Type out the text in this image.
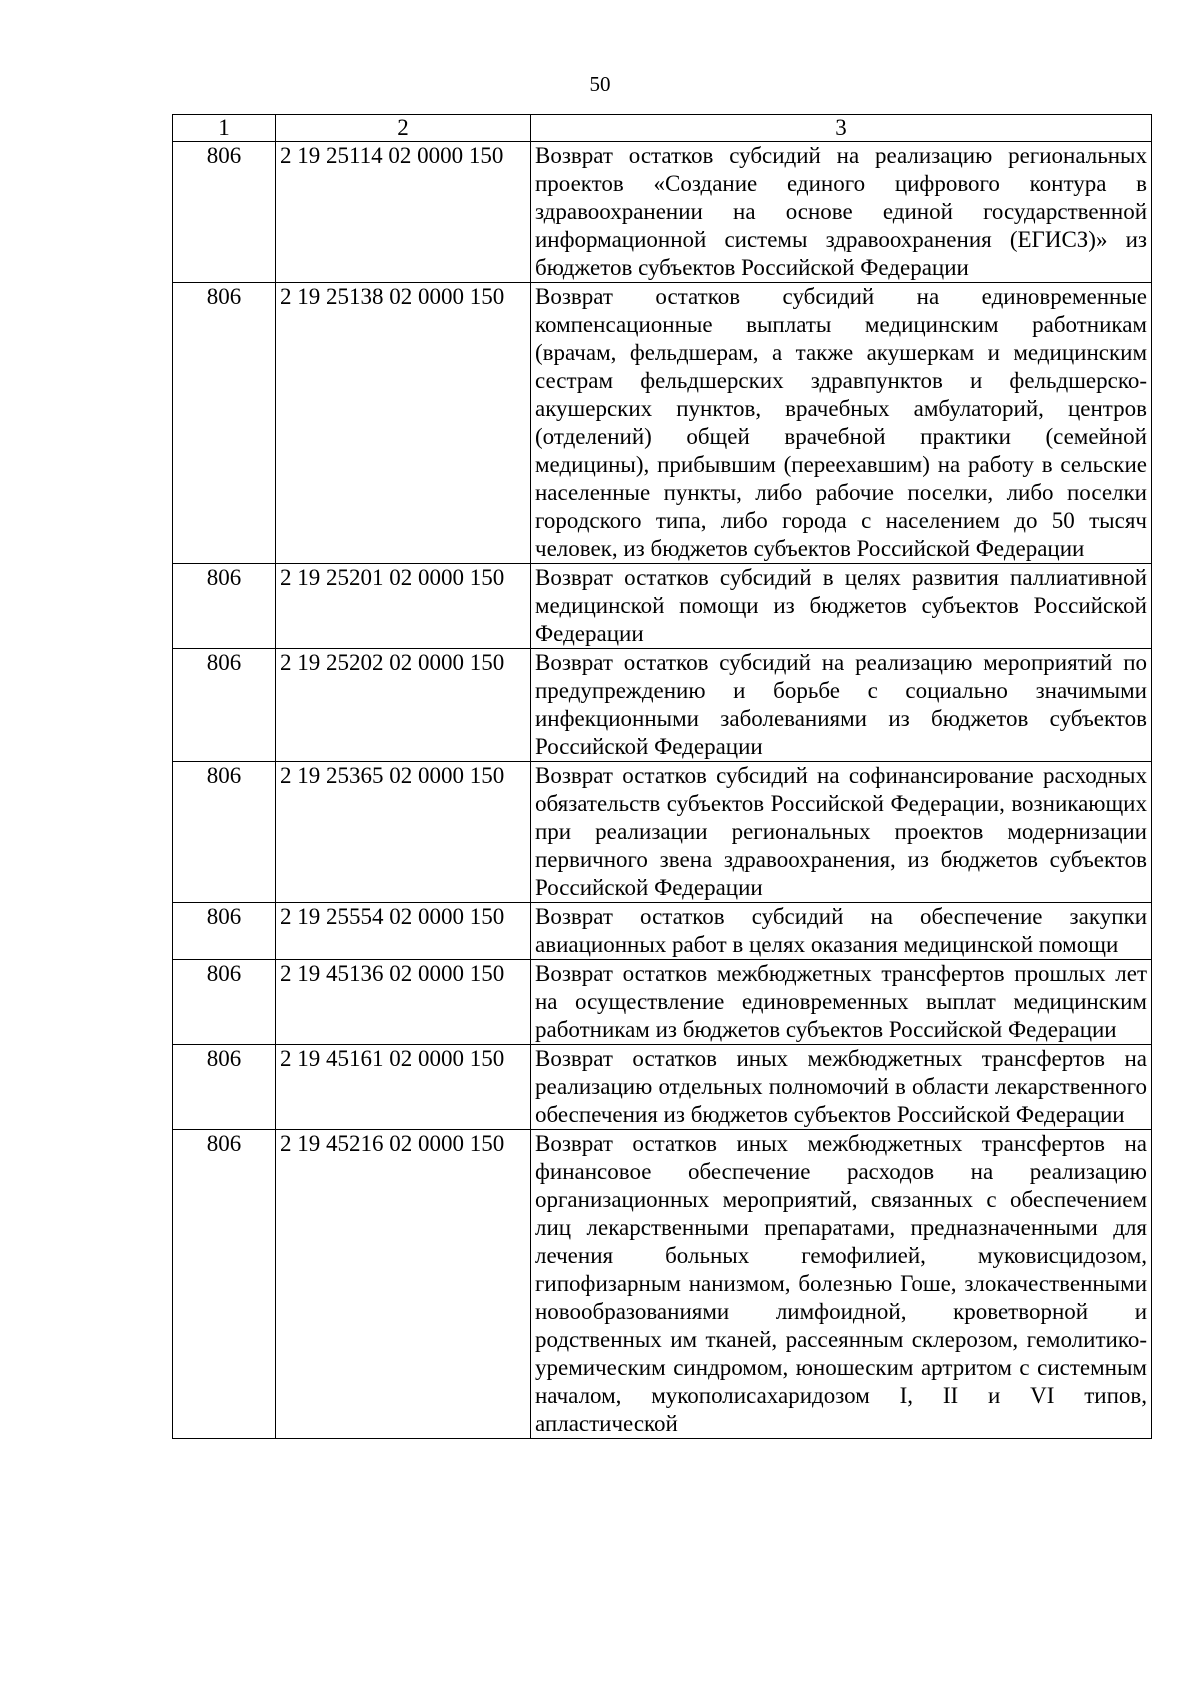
50
1	2	3
806	2 19 25114 02 0000 150	Возврат остатков субсидий на реализацию региональных проектов «Создание единого цифрового контура в здравоохранении на основе единой государственной информационной системы здравоохранения (ЕГИСЗ)» из бюджетов субъектов Российской Федерации
806	2 19 25138 02 0000 150	Возврат остатков субсидий на единовременные компенсационные выплаты медицинским работникам (врачам, фельдшерам, а также акушеркам и медицинским сестрам фельдшерских здравпунктов и фельдшерско-акушерских пунктов, врачебных амбулаторий, центров (отделений) общей врачебной практики (семейной медицины), прибывшим (переехавшим) на работу в сельские населенные пункты, либо рабочие поселки, либо поселки городского типа, либо города с населением до 50 тысяч человек, из бюджетов субъектов Российской Федерации
806	2 19 25201 02 0000 150	Возврат остатков субсидий в целях развития паллиативной медицинской помощи из бюджетов субъектов Российской Федерации
806	2 19 25202 02 0000 150	Возврат остатков субсидий на реализацию мероприятий по предупреждению и борьбе с социально значимыми инфекционными заболеваниями из бюджетов субъектов Российской Федерации
806	2 19 25365 02 0000 150	Возврат остатков субсидий на софинансирование расходных обязательств субъектов Российской Федерации, возникающих при реализации региональных проектов модернизации первичного звена здравоохранения, из бюджетов субъектов Российской Федерации
806	2 19 25554 02 0000 150	Возврат остатков субсидий на обеспечение закупки авиационных работ в целях оказания медицинской помощи
806	2 19 45136 02 0000 150	Возврат остатков межбюджетных трансфертов прошлых лет на осуществление единовременных выплат медицинским работникам из бюджетов субъектов Российской Федерации
806	2 19 45161 02 0000 150	Возврат остатков иных межбюджетных трансфертов на реализацию отдельных полномочий в области лекарственного обеспечения из бюджетов субъектов Российской Федерации
806	2 19 45216 02 0000 150	Возврат остатков иных межбюджетных трансфертов на финансовое обеспечение расходов на реализацию организационных мероприятий, связанных с обеспечением лиц лекарственными препаратами, предназначенными для лечения больных гемофилией, муковисцидозом, гипофизарным нанизмом, болезнью Гоше, злокачественными новообразованиями лимфоидной, кроветворной и родственных им тканей, рассеянным склерозом, гемолитико-уремическим синдромом, юношеским артритом с системным началом, мукополисахаридозом I, II и VI типов, апластической
